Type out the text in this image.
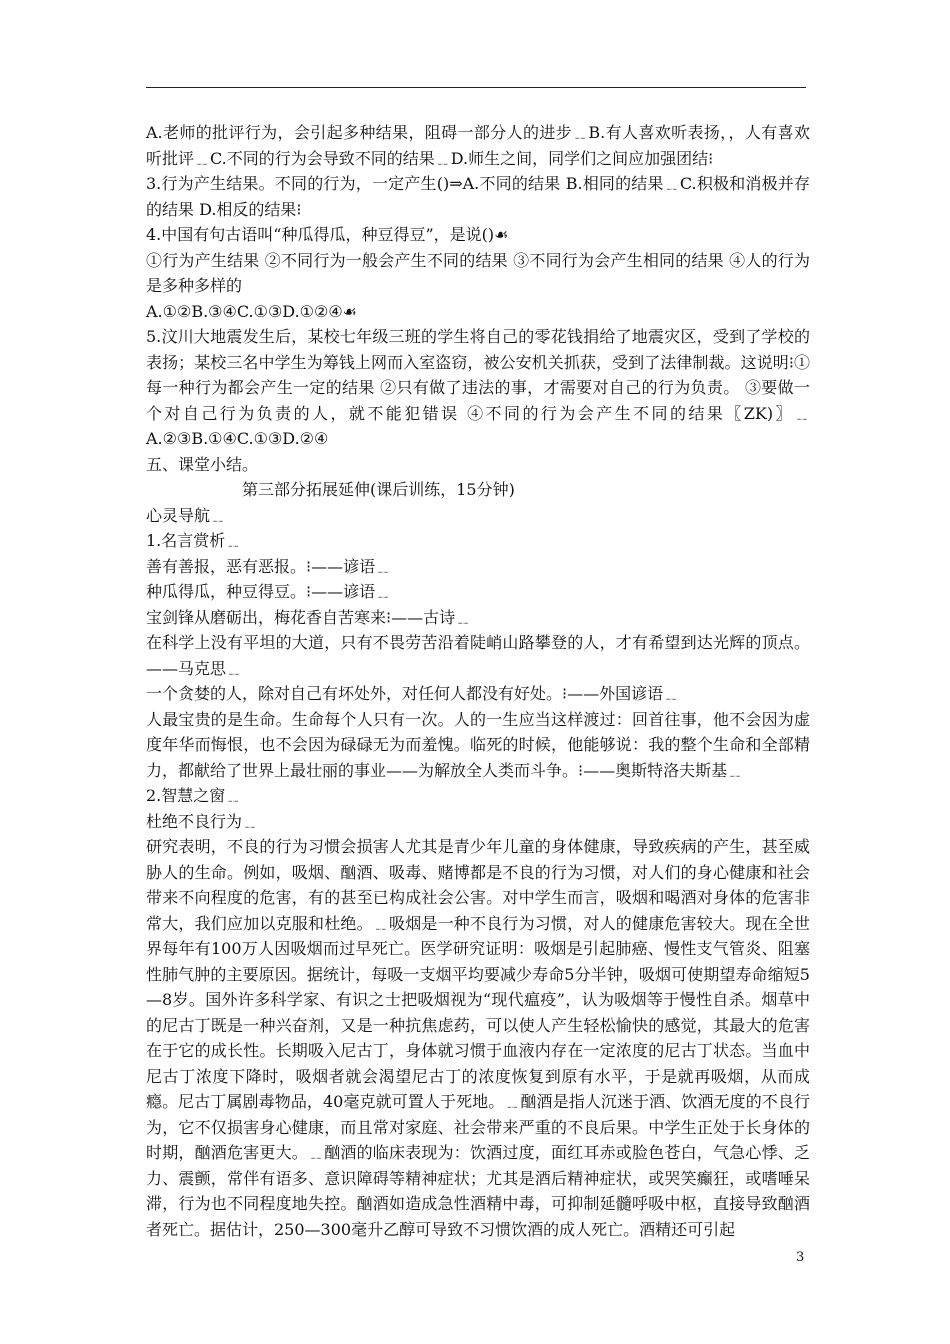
A.老师的批评行为，会引起多种结果，阻碍一部分人的进步﹎B.有人喜欢听表扬，，人有喜欢听批评﹎C.不同的行为会导致不同的结果﹎D.师生之间，同学们之间应加强团结⁝

3.行为产生结果。不同的行为，一定产生()⇒A.不同的结果 B.相同的结果﹎C.积极和消极并存的结果 D.相反的结果⁝

4.中国有句古语叫“种瓜得瓜，种豆得豆”，是说()☙

①行为产生结果 ②不同行为一般会产生不同的结果 ③不同行为会产生相同的结果 ④人的行为是多种多样的

A.①②B.③④C.①③D.①②④☙

5.汶川大地震发生后，某校七年级三班的学生将自己的零花钱捐给了地震灾区，受到了学校的表扬；某校三名中学生为筹钱上网而入室盗窃，被公安机关抓获，受到了法律制裁。这说明⁝①每一种行为都会产生一定的结果 ②只有做了违法的事，才需要对自己的行为负责。 ③要做一个对自己行为负责的人，就不能犯错误 ④不同的行为会产生不同的结果〖ZK)〗﹎A.②③B.①④C.①③D.②④

五、课堂小结。

第三部分拓展延伸(课后训练，15分钟)

心灵导航﹎

1.名言赏析﹎

善有善报，恶有恶报。⁝——谚语﹎

种瓜得瓜，种豆得豆。⁝——谚语﹎

宝剑锋从磨砺出，梅花香自苦寒来⁝——古诗﹎

在科学上没有平坦的大道，只有不畏劳苦沿着陡峭山路攀登的人，才有希望到达光辉的顶点。——马克思﹎

一个贪婪的人，除对自己有坏处外，对任何人都没有好处。⁝——外国谚语﹎

人最宝贵的是生命。生命每个人只有一次。人的一生应当这样渡过：回首往事，他不会因为虚度年华而悔恨，也不会因为碌碌无为而羞愧。临死的时候，他能够说：我的整个生命和全部精力，都献给了世界上最壮丽的事业——为解放全人类而斗争。⁝——奥斯特洛夫斯基﹎

2.智慧之窗﹎

杜绝不良行为﹎

研究表明，不良的行为习惯会损害人尤其是青少年儿童的身体健康，导致疾病的产生，甚至威胁人的生命。例如，吸烟、酗酒、吸毒、赌博都是不良的行为习惯，对人们的身心健康和社会带来不向程度的危害，有的甚至已构成社会公害。对中学生而言，吸烟和喝酒对身体的危害非常大，我们应加以克服和杜绝。﹎吸烟是一种不良行为习惯，对人的健康危害较大。现在全世界每年有100万人因吸烟而过早死亡。医学研究证明：吸烟是引起肺癌、慢性支气管炎、阻塞性肺气肿的主要原因。据统计，每吸一支烟平均要减少寿命5分半钟，吸烟可使期望寿命缩短5—8岁。国外许多科学家、有识之士把吸烟视为“现代瘟疫”，认为吸烟等于慢性自杀。烟草中的尼古丁既是一种兴奋剂，又是一种抗焦虑药，可以使人产生轻松愉快的感觉，其最大的危害在于它的成长性。长期吸入尼古丁，身体就习惯于血液内存在一定浓度的尼古丁状态。当血中尼古丁浓度下降时，吸烟者就会渴望尼古丁的浓度恢复到原有水平，于是就再吸烟，从而成瘾。尼古丁属剧毒物品，40毫克就可置人于死地。﹎酗酒是指人沉迷于酒、饮酒无度的不良行为，它不仅损害身心健康，而且常对家庭、社会带来严重的不良后果。中学生正处于长身体的时期，酗酒危害更大。﹎酗酒的临床表现为：饮酒过度，面红耳赤或脸色苍白，气急心悸、乏力、震颤，常伴有语多、意识障碍等精神症状；尤其是酒后精神症状，或哭笑癫狂，或嗜唾呆滞，行为也不同程度地失控。酗酒如造成急性酒精中毒，可抑制延髓呼吸中枢，直接导致酗酒者死亡。据估计，250—300毫升乙醇可导致不习惯饮酒的成人死亡。酒精还可引起

3
